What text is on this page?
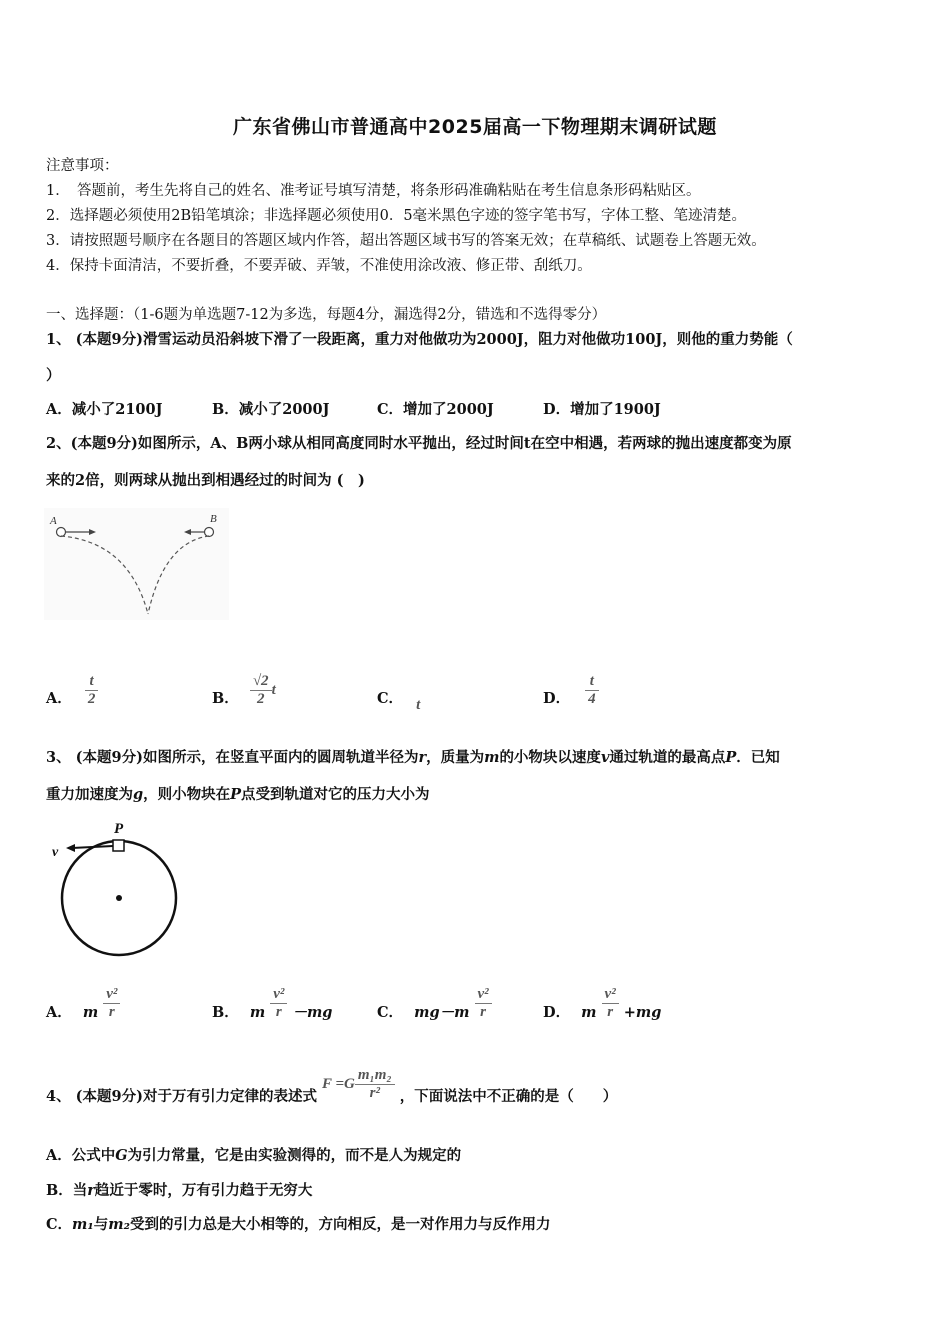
广东省佛山市普通高中2025届高一下物理期末调研试题
注意事项：
1．　答题前，考生先将自己的姓名、准考证号填写清楚，将条形码准确粘贴在考生信息条形码粘贴区。
2．选择题必须使用2B铅笔填涂；非选择题必须使用0．5毫米黑色字迹的签字笔书写，字体工整、笔迹清楚。
3．请按照题号顺序在各题目的答题区域内作答，超出答题区域书写的答案无效；在草稿纸、试题卷上答题无效。
4．保持卡面清洁，不要折叠，不要弄破、弄皱，不准使用涂改液、修正带、刮纸刀。
一、选择题：（1-6题为单选题7-12为多选，每题4分，漏选得2分，错选和不选得零分）
1、 (本题9分)滑雪运动员沿斜坡下滑了一段距离，重力对他做功为2000J，阻力对他做功100J，则他的重力势能（
）
A．减小了2100J	B．减小了2000J	C．增加了2000J	D．增加了1900J
2、(本题9分)如图所示，A、B两小球从相同高度同时水平抛出，经过时间t在空中相遇，若两球的抛出速度都变为原
来的2倍，则两球从抛出到相遇经过的时间为 (　)
A	B
A． $\frac{t}{2}$	B． $\frac{√2}{2}$ t
C． t	D． $\frac{t}{4}$
3、 (本题9分)如图所示，在竖直平面内的圆周轨道半径为r，质量为m的小物块以速度v通过轨道的最高点P．已知
重力加速度为g，则小物块在P点受到轨道对它的压力大小为
P
v
A． m $\frac{\text{v²}}{r}$	B． m $\frac{\text{v²}}{r} -mg$	C． $mg-m \frac{\text{v²}}{r}$	D． m $\frac{\text{v²}}{r} +mg$
4、 (本题9分)对于万有引力定律的表述式 $F =G \frac{\text{m₁m₂}}{\text{r²}}$ ，下面说法中不正确的是（　　）
A．公式中G为引力常量，它是由实验测得的，而不是人为规定的
B．当r趋近于零时，万有引力趋于无穷大
C．m₁与m₂受到的引力总是大小相等的，方向相反，是一对作用力与反作用力
